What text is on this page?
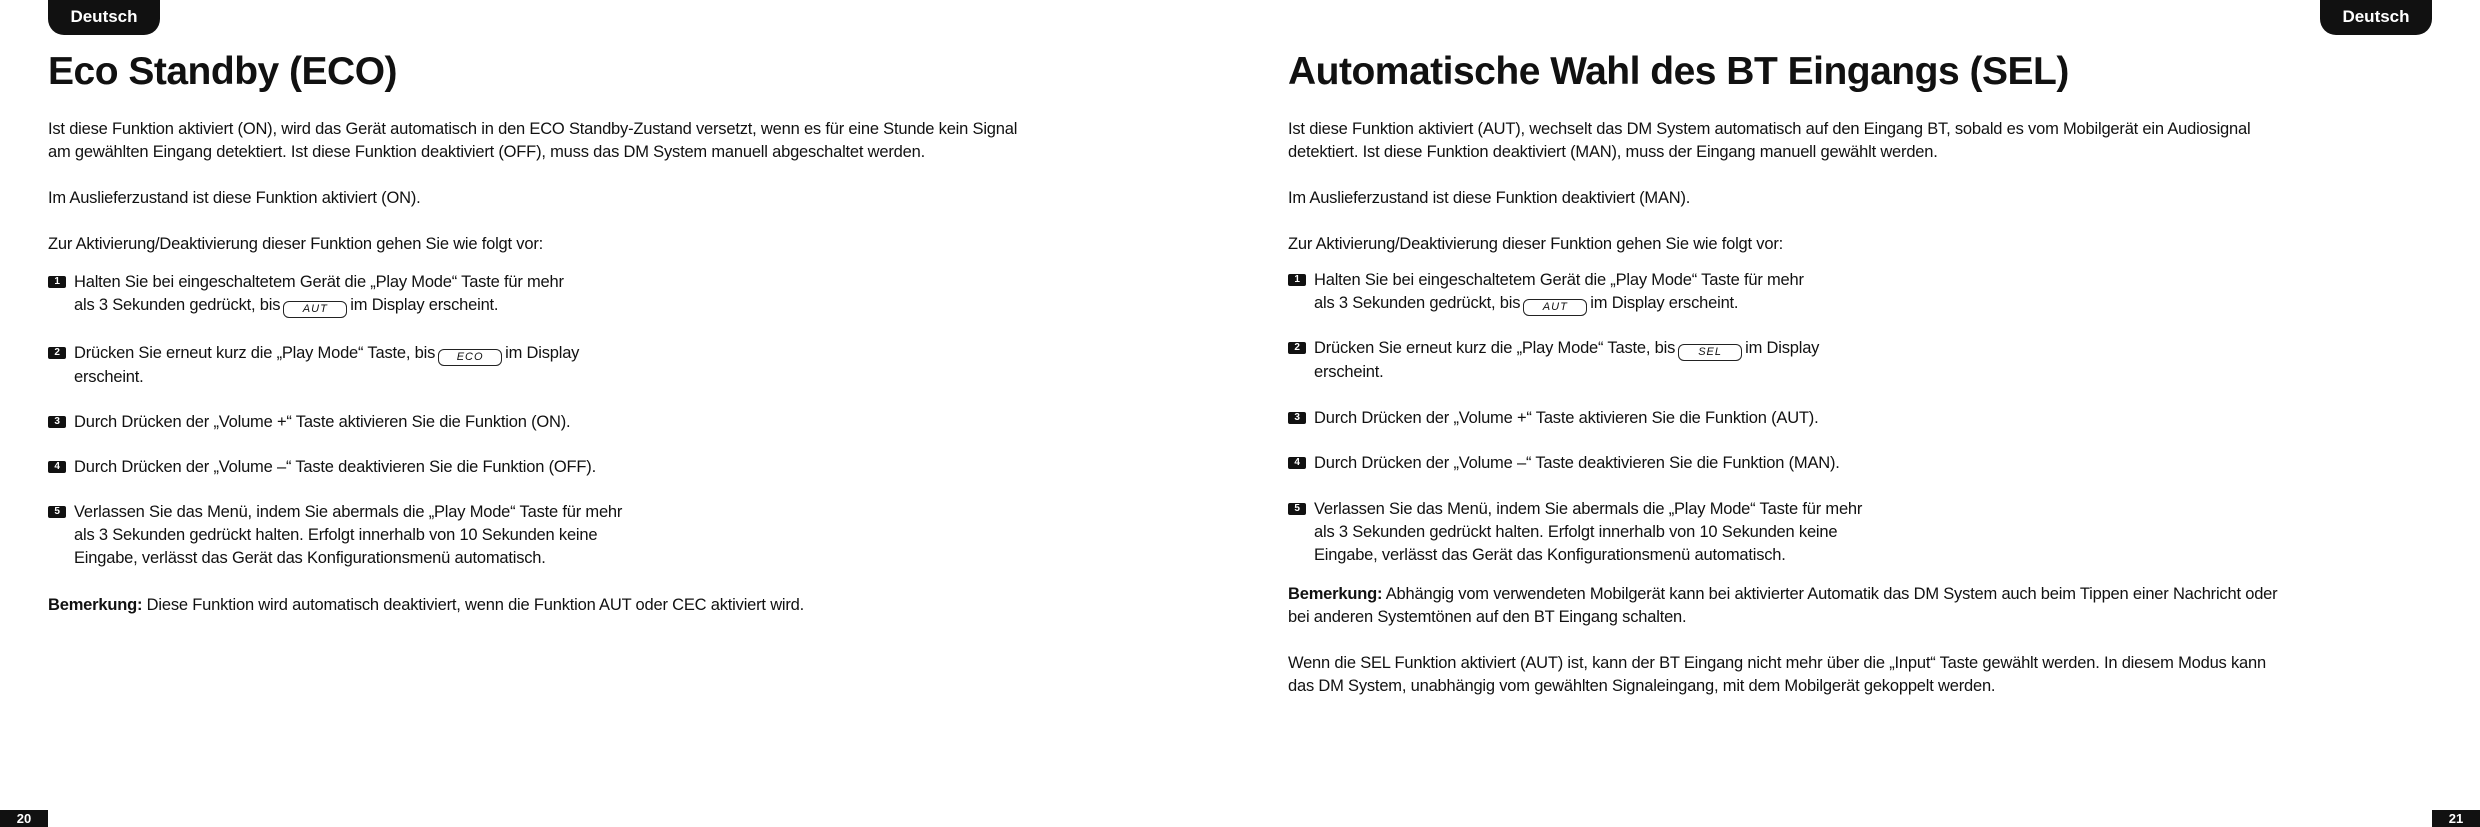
Deutsch
Eco Standby (ECO)
Ist diese Funktion aktiviert (ON), wird das Gerät automatisch in den ECO Standby-Zustand versetzt, wenn es für eine Stunde kein Signal
am gewählten Eingang detektiert. Ist diese Funktion deaktiviert (OFF), muss das DM System manuell abgeschaltet werden.
Im Auslieferzustand ist diese Funktion aktiviert (ON).
Zur Aktivierung/Deaktivierung dieser Funktion gehen Sie wie folgt vor:
1 Halten Sie bei eingeschaltetem Gerät die „Play Mode“ Taste für mehr
als 3 Sekunden gedrückt, bis AUT im Display erscheint.
2 Drücken Sie erneut kurz die „Play Mode“ Taste, bis ECO im Display
erscheint.
3 Durch Drücken der „Volume +“ Taste aktivieren Sie die Funktion (ON).
4 Durch Drücken der „Volume –“ Taste deaktivieren Sie die Funktion (OFF).
5 Verlassen Sie das Menü, indem Sie abermals die „Play Mode“ Taste für mehr
als 3 Sekunden gedrückt halten. Erfolgt innerhalb von 10 Sekunden keine
Eingabe, verlässt das Gerät das Konfigurationsmenü automatisch.
Bemerkung: Diese Funktion wird automatisch deaktiviert, wenn die Funktion AUT oder CEC aktiviert wird.
20
Deutsch
Automatische Wahl des BT Eingangs (SEL)
Ist diese Funktion aktiviert (AUT), wechselt das DM System automatisch auf den Eingang BT, sobald es vom Mobilgerät ein Audiosignal
detektiert. Ist diese Funktion deaktiviert (MAN), muss der Eingang manuell gewählt werden.
Im Auslieferzustand ist diese Funktion deaktiviert (MAN).
Zur Aktivierung/Deaktivierung dieser Funktion gehen Sie wie folgt vor:
1 Halten Sie bei eingeschaltetem Gerät die „Play Mode“ Taste für mehr
als 3 Sekunden gedrückt, bis AUT im Display erscheint.
2 Drücken Sie erneut kurz die „Play Mode“ Taste, bis SEL im Display
erscheint.
3 Durch Drücken der „Volume +“ Taste aktivieren Sie die Funktion (AUT).
4 Durch Drücken der „Volume –“ Taste deaktivieren Sie die Funktion (MAN).
5 Verlassen Sie das Menü, indem Sie abermals die „Play Mode“ Taste für mehr
als 3 Sekunden gedrückt halten. Erfolgt innerhalb von 10 Sekunden keine
Eingabe, verlässt das Gerät das Konfigurationsmenü automatisch.
Bemerkung: Abhängig vom verwendeten Mobilgerät kann bei aktivierter Automatik das DM System auch beim Tippen einer Nachricht oder
bei anderen Systemtönen auf den BT Eingang schalten.
Wenn die SEL Funktion aktiviert (AUT) ist, kann der BT Eingang nicht mehr über die „Input“ Taste gewählt werden. In diesem Modus kann
das DM System, unabhängig vom gewählten Signaleingang, mit dem Mobilgerät gekoppelt werden.
21
